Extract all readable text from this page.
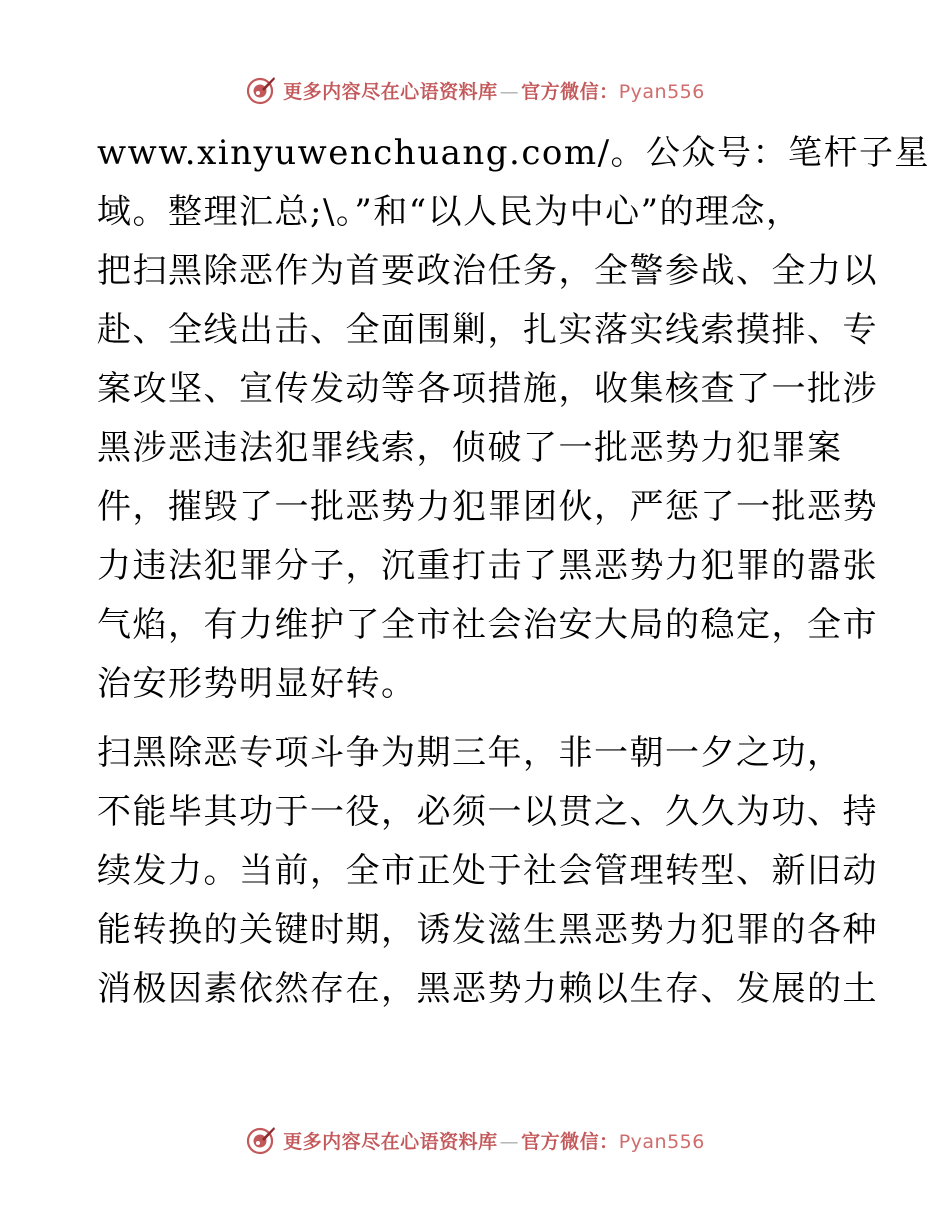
更多内容尽在心语资料库 — 官方微信：Pyan556
www.xinyuwenchuang.com/。公众号：笔杆子星
域。整理汇总;\。”和“以人民为中心”的理念，
把扫黑除恶作为首要政治任务，全警参战、全力以
赴、全线出击、全面围剿，扎实落实线索摸排、专
案攻坚、宣传发动等各项措施，收集核查了一批涉
黑涉恶违法犯罪线索，侦破了一批恶势力犯罪案
件，摧毁了一批恶势力犯罪团伙，严惩了一批恶势
力违法犯罪分子，沉重打击了黑恶势力犯罪的嚣张
气焰，有力维护了全市社会治安大局的稳定，全市
治安形势明显好转。
扫黑除恶专项斗争为期三年，非一朝一夕之功，
不能毕其功于一役，必须一以贯之、久久为功、持
续发力。当前，全市正处于社会管理转型、新旧动
能转换的关键时期，诱发滋生黑恶势力犯罪的各种
消极因素依然存在，黑恶势力赖以生存、发展的土
更多内容尽在心语资料库 — 官方微信：Pyan556
